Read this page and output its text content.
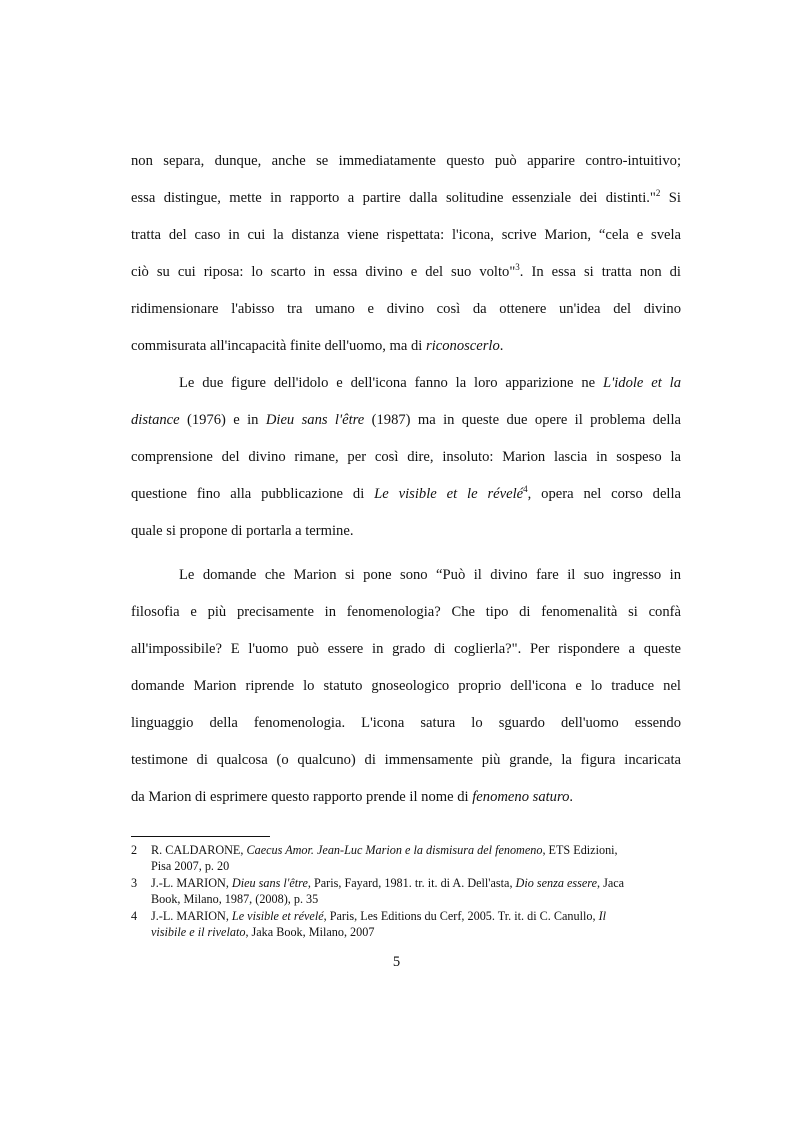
non separa, dunque, anche se immediatamente questo può apparire contro-intuitivo;
essa distingue, mette in rapporto a partire dalla solitudine essenziale dei distinti."$^2$ Si
tratta del caso in cui la distanza viene rispettata: l'icona, scrive Marion, “cela e svela
ciò su cui riposa: lo scarto in essa divino e del suo volto"$^3$. In essa si tratta non di
ridimensionare l'abisso tra umano e divino così da ottenere un'idea del divino
commisurata all'incapacità finite dell'uomo, ma di riconoscerlo.
Le due figure dell'idolo e dell'icona fanno la loro apparizione ne L'idole et la
distance (1976) e in Dieu sans l'être (1987) ma in queste due opere il problema della
comprensione del divino rimane, per così dire, insoluto: Marion lascia in sospeso la
questione fino alla pubblicazione di Le visible et le révelé$^4$, opera nel corso della
quale si propone di portarla a termine.
Le domande che Marion si pone sono “Può il divino fare il suo ingresso in
filosofia e più precisamente in fenomenologia? Che tipo di fenomenalità si confà
all'impossibile? E l'uomo può essere in grado di coglierla?". Per rispondere a queste
domande Marion riprende lo statuto gnoseologico proprio dell'icona e lo traduce nel
linguaggio della fenomenologia. L'icona satura lo sguardo dell'uomo essendo
testimone di qualcosa (o qualcuno) di immensamente più grande, la figura incaricata
da Marion di esprimere questo rapporto prende il nome di fenomeno saturo.
2 R. CALDARONE, Caecus Amor. Jean-Luc Marion e la dismisura del fenomeno, ETS Edizioni,
Pisa 2007, p. 20
3 J.-L. MARION, Dieu sans l'être, Paris, Fayard, 1981. tr. it. di A. Dell'asta, Dio senza essere, Jaca
Book, Milano, 1987, (2008), p. 35
4 J.-L. MARION, Le visible et révelé, Paris, Les Editions du Cerf, 2005. Tr. it. di C. Canullo, Il
visibile e il rivelato, Jaka Book, Milano, 2007
5
